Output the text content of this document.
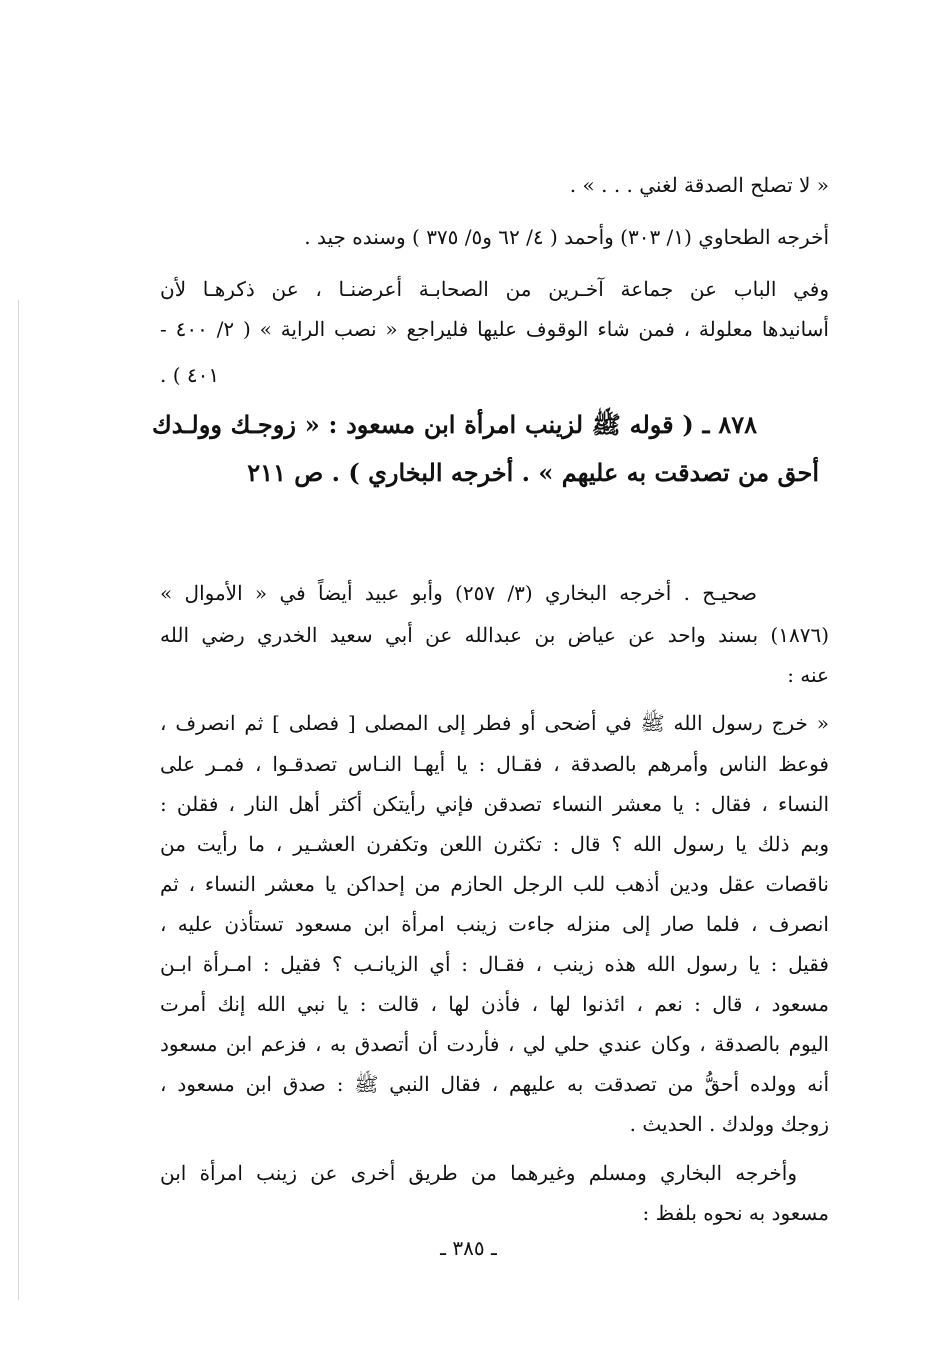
« لا تصلح الصدقة لغني . . . » .
أخرجه الطحاوي (١/ ٣٠٣) وأحمد ( ٤/ ٦٢ و٥/ ٣٧٥ ) وسنده جيد .
وفي الباب عن جماعة آخـرين من الصحابـة أعرضنـا ، عن ذكرهـا لأن
أسانيدها معلولة ، فمن شاء الوقوف عليها فليراجع « نصب الراية » ( ٢/ ٤٠٠ -
٤٠١ ) .
٨٧٨ ـ ( قوله ﷺ لزينب امرأة ابن مسعود : « زوجـك وولـدك
أحق من تصدقت به عليهم » . أخرجه البخاري ) . ص ٢١١
صحيـح . أخرجه البخاري (٣/ ٢٥٧) وأبو عبيد أيضاً في « الأموال »
(١٨٧٦) بسند واحد عن عياض بن عبدالله عن أبي سعيد الخدري رضي الله
عنه :
« خرج رسول الله ﷺ في أضحى أو فطر إلى المصلى [ فصلى ] ثم انصرف ،
فوعظ الناس وأمرهم بالصدقة ، فقـال : يا أيهـا النـاس تصدقـوا ، فمـر على
النساء ، فقال : يا معشر النساء تصدقن فإني رأيتكن أكثر أهل النار ، فقلن :
وبم ذلك يا رسول الله ؟ قال : تكثرن اللعن وتكفرن العشـير ، ما رأيت من
ناقصات عقل ودين أذهب للب الرجل الحازم من إحداكن يا معشر النساء ، ثم
انصرف ، فلما صار إلى منزله جاءت زينب امرأة ابن مسعود تستأذن عليه ،
فقيل : يا رسول الله هذه زينب ، فقـال : أي الزيانـب ؟ فقيل : امـرأة ابـن
مسعود ، قال : نعم ، ائذنوا لها ، فأذن لها ، قالت : يا نبي الله إنك أمرت
اليوم بالصدقة ، وكان عندي حلي لي ، فأردت أن أتصدق به ، فزعم ابن مسعود
أنه وولده أحقُّ من تصدقت به عليهم ، فقال النبي ﷺ : صدق ابن مسعود ،
زوجك وولدك . الحديث .
وأخرجه البخاري ومسلم وغيرهما من طريق أخرى عن زينب امرأة ابن
مسعود به نحوه بلفظ :
ـ ٣٨٥ ـ
